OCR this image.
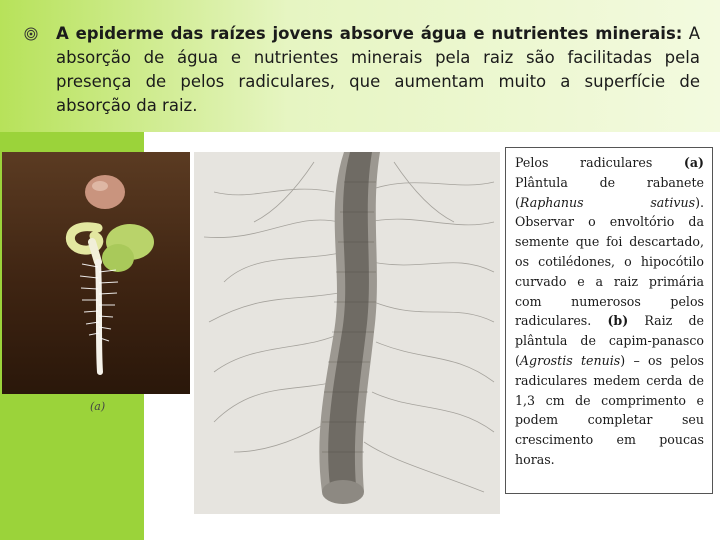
A epiderme das raízes jovens absorve água e nutrientes minerais: A absorção de água e nutrientes minerais pela raiz são facilitadas pela presença de pelos radiculares, que aumentam muito a superfície de absorção da raiz.
(a)
Pelos radiculares (a) Plântula de rabanete (Raphanus sativus). Observar o envoltório da semente que foi descartado, os cotilédones, o hipocótilo curvado e a raiz primária com numerosos pelos radiculares. (b) Raiz de plântula de capim-panasco (Agrostis tenuis) – os pelos radiculares medem cerda de 1,3 cm de comprimento e podem completar seu crescimento em poucas horas.
